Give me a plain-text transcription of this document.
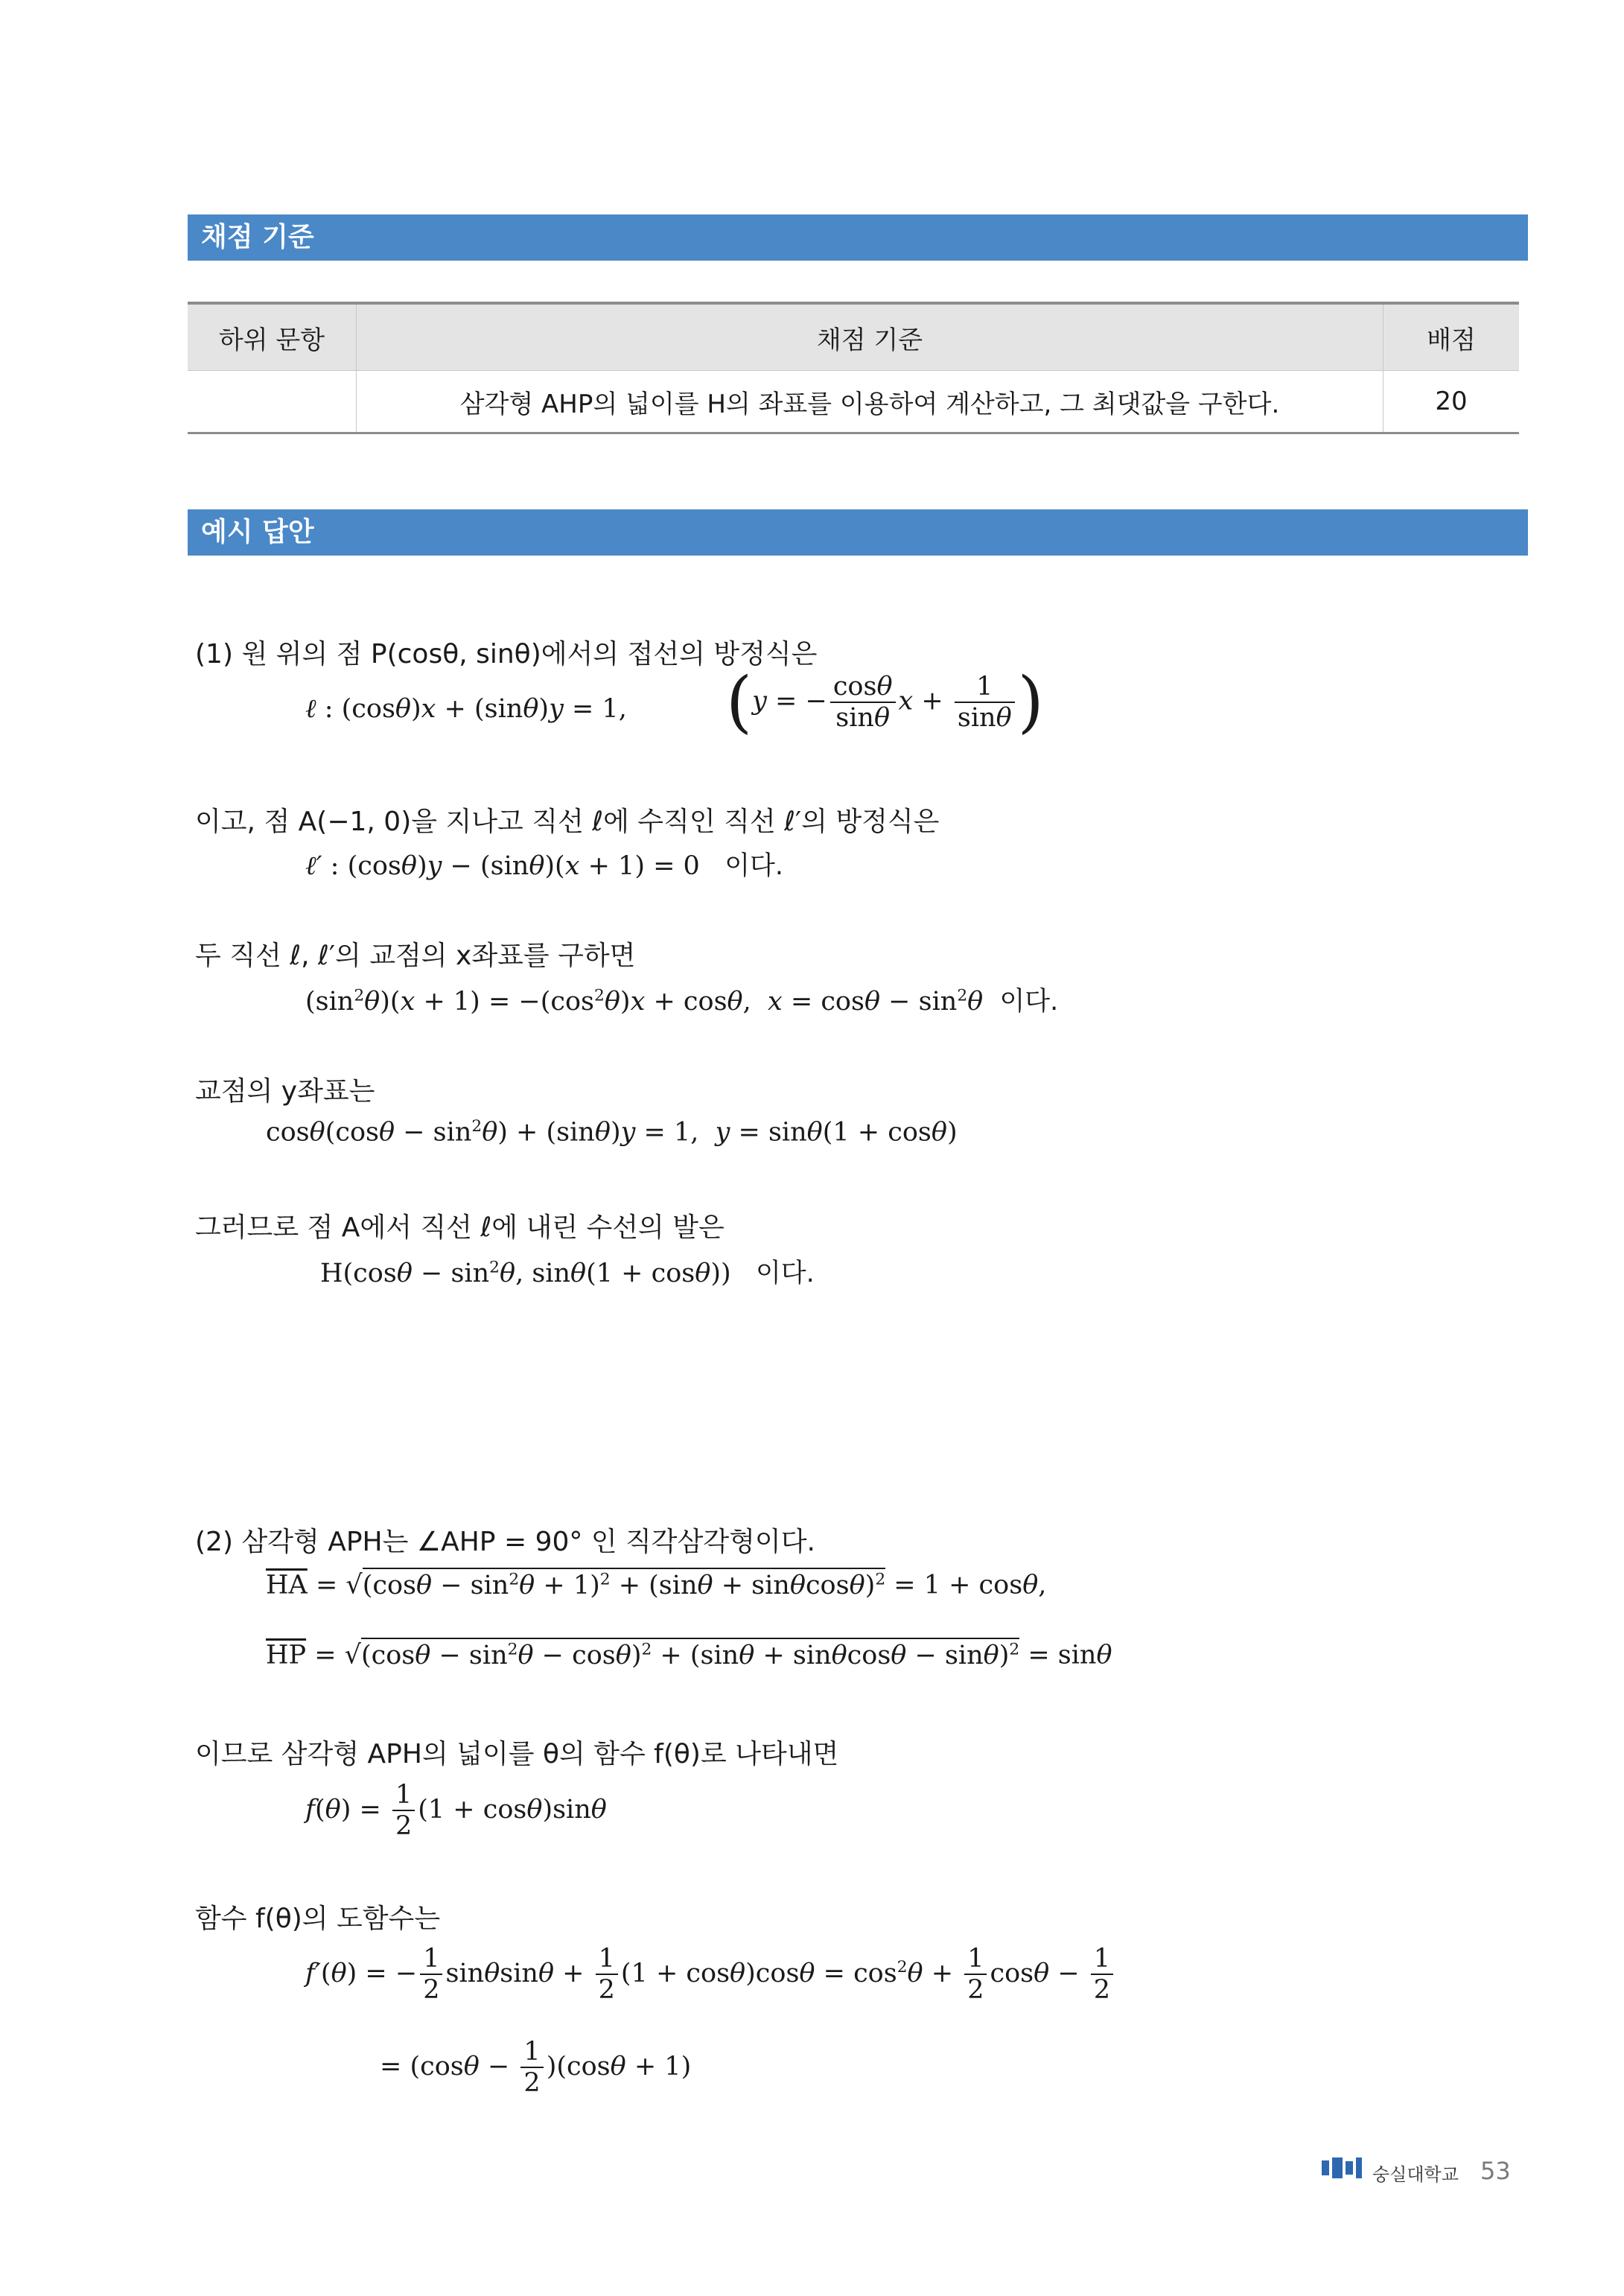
채점 기준
하위 문항	채점 기준	배점
	삼각형 AHP의 넓이를 H의 좌표를 이용하여 계산하고, 그 최댓값을 구한다.	20
예시 답안
(1) 원 위의 점 P(cosθ, sinθ)에서의 접선의 방정식은
ℓ : (cosθ)x + (sinθ)y = 1, (y = − $\frac{\cos\theta}{\sin\theta}$ $x + \frac{1}{\sin\theta}$ )
이고, 점 A(−1, 0)을 지나고 직선 ℓ에 수직인 직선 ℓ′의 방정식은
ℓ′ : (cosθ)y − (sinθ)(x + 1) = 0   이다.
두 직선 ℓ, ℓ′의 교점의 x좌표를 구하면
$(\sin^2\theta)(x + 1) = -(\cos^2\theta)x + \cos\theta$,  $x = \cos\theta - \sin^2\theta$ 이다.
교점의 y좌표는
$\cos\theta(\cos\theta - \sin^2\theta) + (\sin\theta)y = 1$,  y = sinθ(1 + cosθ)
그러므로 점 A에서 직선 ℓ에 내린 수선의 발은
$H(\cos\theta - \sin^2\theta$, sinθ(1 + cosθ))   이다.
(2) 삼각형 APH는 ∠AHP = 90° 인 직각삼각형이다.
$\overline{HA} = √(\cos\theta - \sin^2\theta + 1)^2 + (\sin\theta + \sin\theta\cos\theta)^2 = 1 + \cos\theta$,
$\overline{HP} = √(\cos\theta - \sin^2\theta - \cos\theta)^2 + (\sin\theta + \sin\theta\cos\theta - \sin\theta)^2 = \sin\theta$
이므로 삼각형 APH의 넓이를 θ의 함수 f(θ)로 나타내면
$f(\theta) = \frac{1}{2} (1 + \cos\theta)\sin\theta$
함수 f(θ)의 도함수는
f′(θ) = − $\frac{1}{2}$ $\sin\theta\sin\theta + \frac{1}{2} (1 + \cos\theta)\cos\theta = \cos^2\theta + \frac{1}{2}$ $\cos\theta - \frac{1}{2}$
= $(\cos\theta - \frac{1}{2} )(\cos\theta + 1)$
숭실대학교 53
